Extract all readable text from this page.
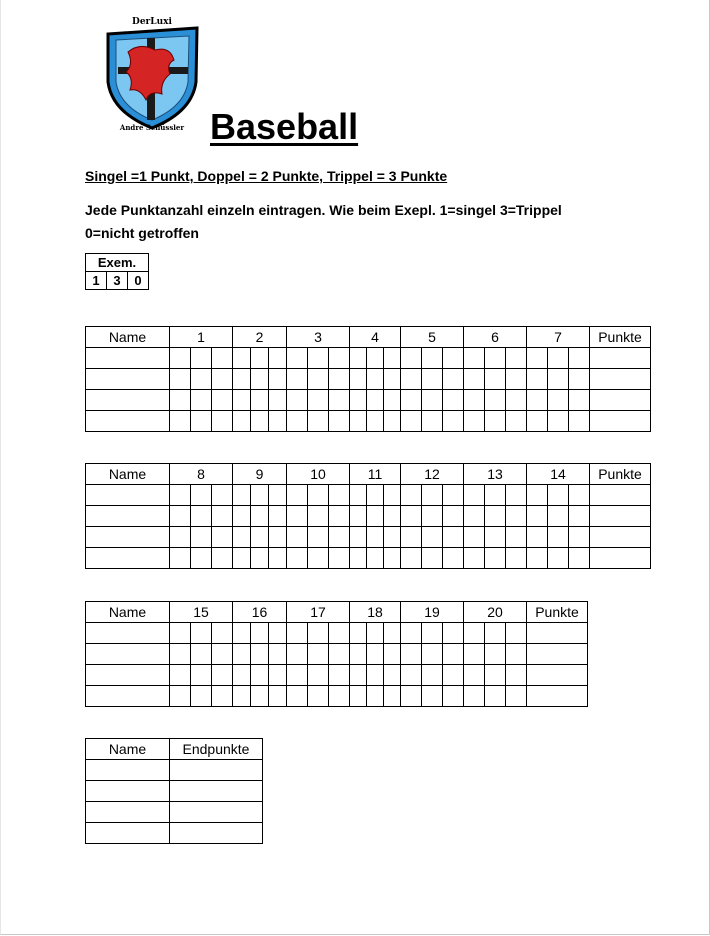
DerLuxi
André Schüssler Baseball
Singel =1 Punkt, Doppel = 2 Punkte, Trippel = 3 Punkte
Jede Punktanzahl einzeln eintragen. Wie beim Exepl. 1=singel 3=Trippel
0=nicht getroffen
Exem.
1	3	0
Name	1			2			3			4			5			6			7			Punkte

Name	8			9			10			11			12			13			14			Punkte

Name	15			16			17			18			19			20			Punkte

Name	Endpunkte
